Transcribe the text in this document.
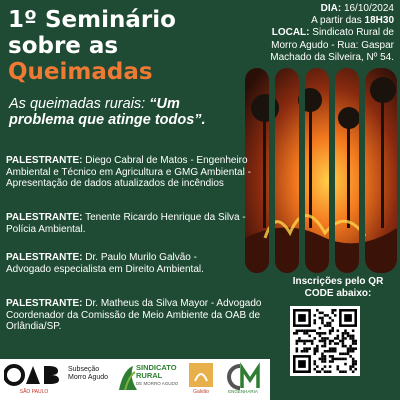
1º Seminário
sobre as
Queimadas
DIA: 16/10/2024
A partir das 18H30
LOCAL: Sindicato Rural de
Morro Agudo - Rua: Gaspar
Machado da Silveira, Nº 54.
As queimadas rurais: “Um problema que atinge todos”.
PALESTRANTE: Diego Cabral de Matos - Engenheiro Ambiental e Técnico em Agricultura e GMG Ambiental - Apresentação de dados atualizados de incêndios
PALESTRANTE: Tenente Ricardo Henrique da Silva - Polícia Ambiental.
PALESTRANTE: Dr. Paulo Murilo Galvão - Advogado especialista em Direito Ambiental.
PALESTRANTE: Dr. Matheus da Silva Mayor - Advogado Coordenador da Comissão de Meio Ambiente da OAB de Orlândia/SP.
Inscrições pelo QR
CODE abaixo:
SÃO PAULO
Subseção
Morro Agudo
SINDICATO
RURAL
DE MORRO AGUDO
Galvão	ENGENHARIA
